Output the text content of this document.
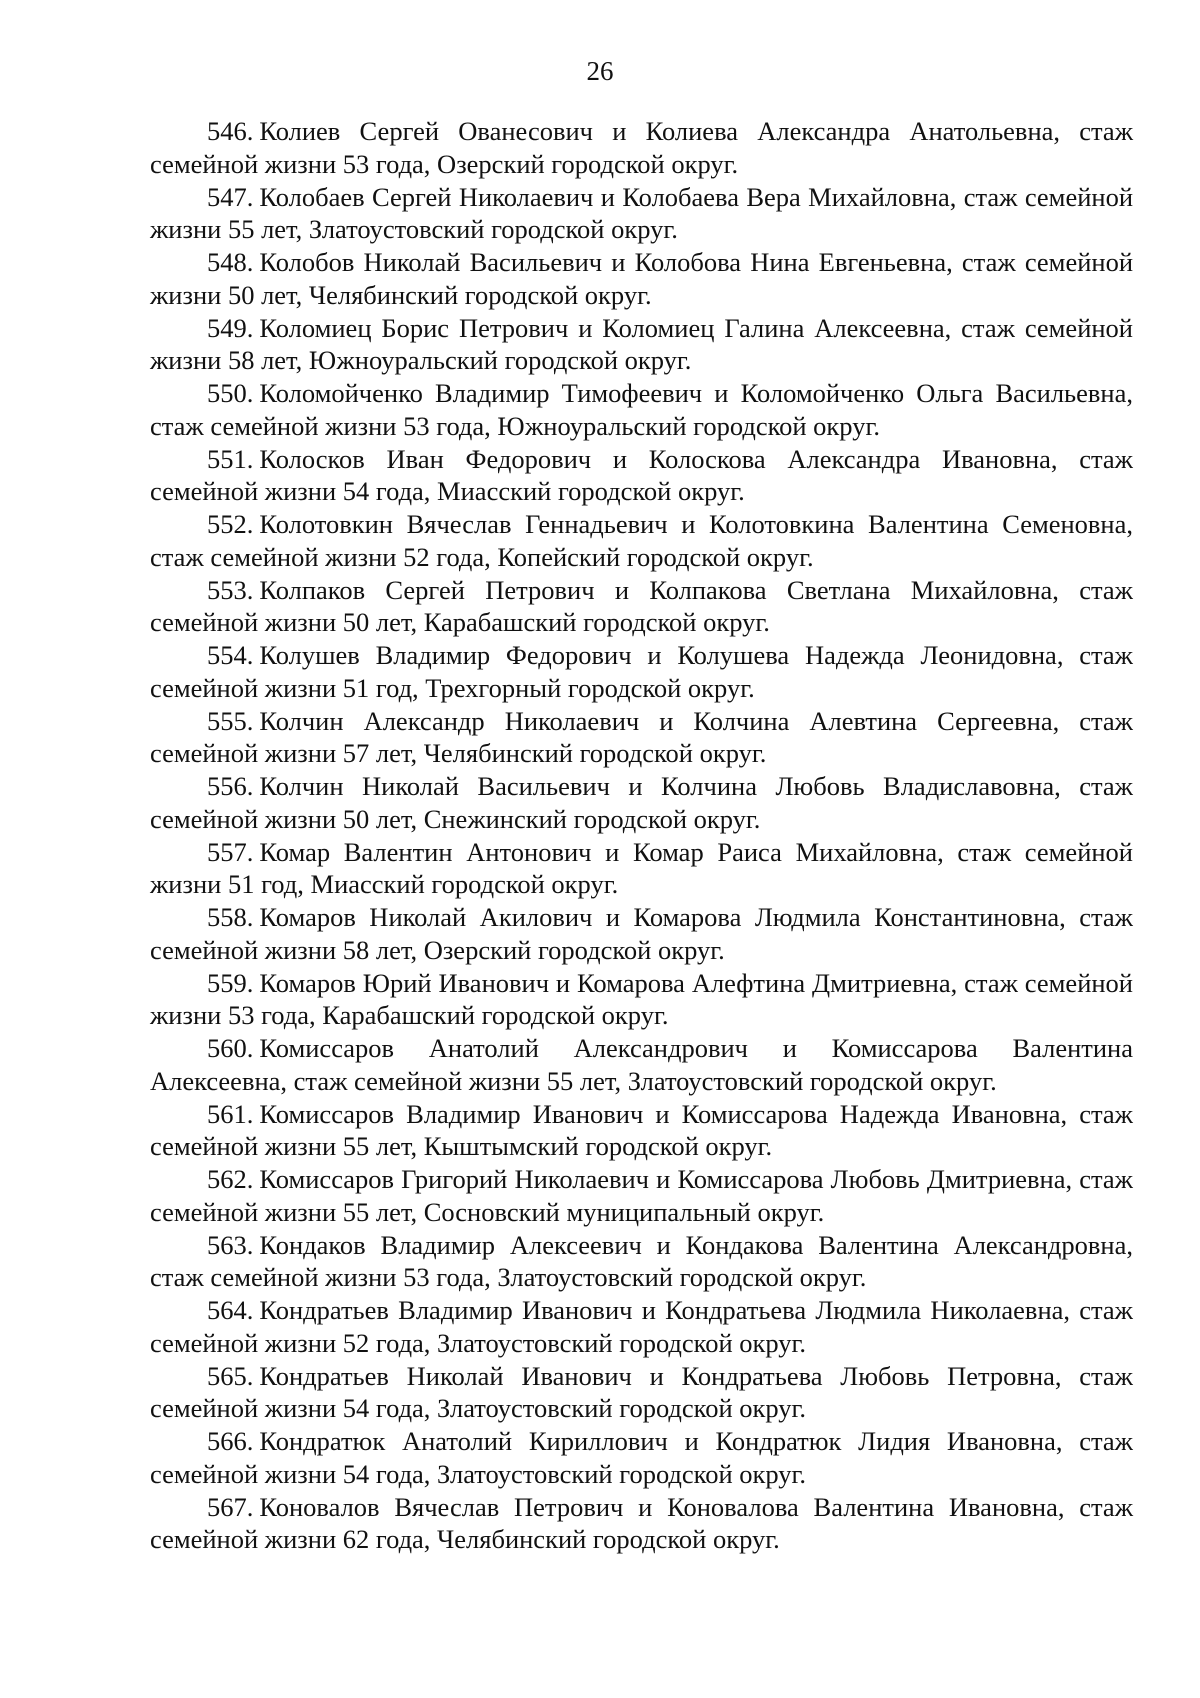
26

546. Колиев Сергей Ованесович и Колиева Александра Анатольевна, стаж семейной жизни 53 года, Озерский городской округ.

547. Колобаев Сергей Николаевич и Колобаева Вера Михайловна, стаж семейной жизни 55 лет, Златоустовский городской округ.

548. Колобов Николай Васильевич и Колобова Нина Евгеньевна, стаж семейной жизни 50 лет, Челябинский городской округ.

549. Коломиец Борис Петрович и Коломиец Галина Алексеевна, стаж семейной жизни 58 лет, Южноуральский городской округ.

550. Коломойченко Владимир Тимофеевич и Коломойченко Ольга Васильевна, стаж семейной жизни 53 года, Южноуральский городской округ.

551. Колосков Иван Федорович и Колоскова Александра Ивановна, стаж семейной жизни 54 года, Миасский городской округ.

552. Колотовкин Вячеслав Геннадьевич и Колотовкина Валентина Семеновна, стаж семейной жизни 52 года, Копейский городской округ.

553. Колпаков Сергей Петрович и Колпакова Светлана Михайловна, стаж семейной жизни 50 лет, Карабашский городской округ.

554. Колушев Владимир Федорович и Колушева Надежда Леонидовна, стаж семейной жизни 51 год, Трехгорный городской округ.

555. Колчин Александр Николаевич и Колчина Алевтина Сергеевна, стаж семейной жизни 57 лет, Челябинский городской округ.

556. Колчин Николай Васильевич и Колчина Любовь Владиславовна, стаж семейной жизни 50 лет, Снежинский городской округ.

557. Комар Валентин Антонович и Комар Раиса Михайловна, стаж семейной жизни 51 год, Миасский городской округ.

558. Комаров Николай Акилович и Комарова Людмила Константиновна, стаж семейной жизни 58 лет, Озерский городской округ.

559. Комаров Юрий Иванович и Комарова Алефтина Дмитриевна, стаж семейной жизни 53 года, Карабашский городской округ.

560. Комиссаров Анатолий Александрович и Комиссарова Валентина Алексеевна, стаж семейной жизни 55 лет, Златоустовский городской округ.

561. Комиссаров Владимир Иванович и Комиссарова Надежда Ивановна, стаж семейной жизни 55 лет, Кыштымский городской округ.

562. Комиссаров Григорий Николаевич и Комиссарова Любовь Дмитриевна, стаж семейной жизни 55 лет, Сосновский муниципальный округ.

563. Кондаков Владимир Алексеевич и Кондакова Валентина Александровна, стаж семейной жизни 53 года, Златоустовский городской округ.

564. Кондратьев Владимир Иванович и Кондратьева Людмила Николаевна, стаж семейной жизни 52 года, Златоустовский городской округ.

565. Кондратьев Николай Иванович и Кондратьева Любовь Петровна, стаж семейной жизни 54 года, Златоустовский городской округ.

566. Кондратюк Анатолий Кириллович и Кондратюк Лидия Ивановна, стаж семейной жизни 54 года, Златоустовский городской округ.

567. Коновалов Вячеслав Петрович и Коновалова Валентина Ивановна, стаж семейной жизни 62 года, Челябинский городской округ.
